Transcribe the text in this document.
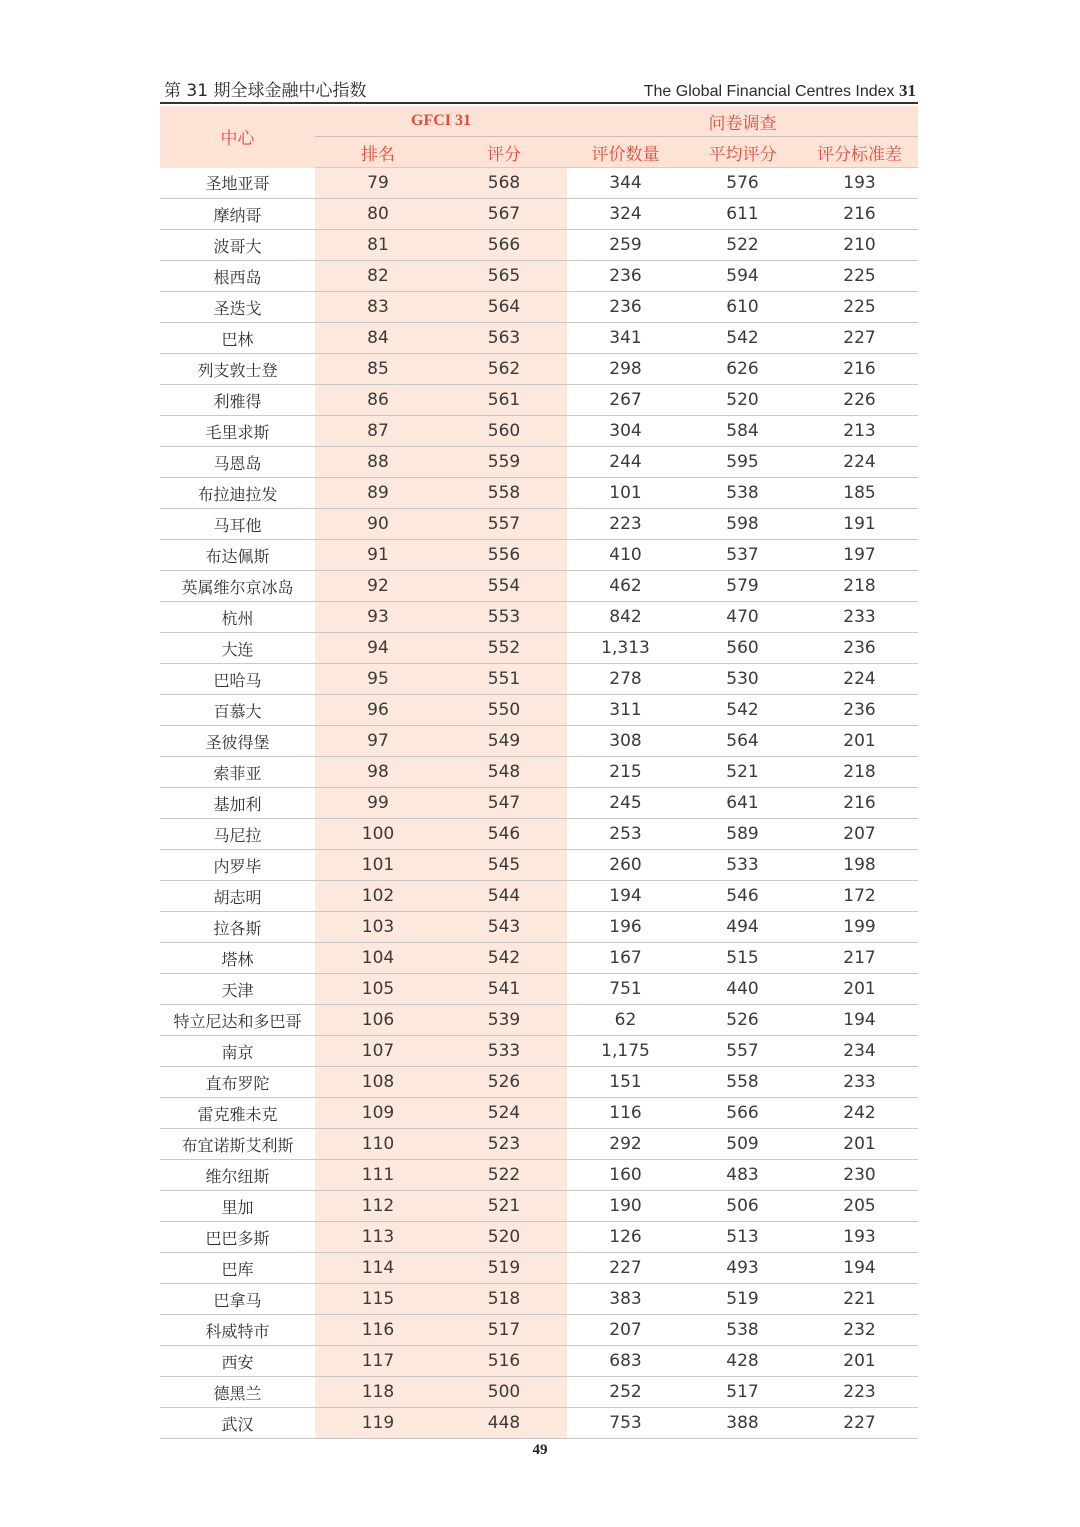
第 31 期全球金融中心指数	The Global Financial Centres Index 31
中心	GFCI 31		问卷调查		
	排名	评分	评价数量	平均评分	评分标准差
圣地亚哥	79	568	344	576	193
摩纳哥	80	567	324	611	216
波哥大	81	566	259	522	210
根西岛	82	565	236	594	225
圣迭戈	83	564	236	610	225
巴林	84	563	341	542	227
列支敦士登	85	562	298	626	216
利雅得	86	561	267	520	226
毛里求斯	87	560	304	584	213
马恩岛	88	559	244	595	224
布拉迪拉发	89	558	101	538	185
马耳他	90	557	223	598	191
布达佩斯	91	556	410	537	197
英属维尔京冰岛	92	554	462	579	218
杭州	93	553	842	470	233
大连	94	552	1,313	560	236
巴哈马	95	551	278	530	224
百慕大	96	550	311	542	236
圣彼得堡	97	549	308	564	201
索菲亚	98	548	215	521	218
基加利	99	547	245	641	216
马尼拉	100	546	253	589	207
内罗毕	101	545	260	533	198
胡志明	102	544	194	546	172
拉各斯	103	543	196	494	199
塔林	104	542	167	515	217
天津	105	541	751	440	201
特立尼达和多巴哥	106	539	62	526	194
南京	107	533	1,175	557	234
直布罗陀	108	526	151	558	233
雷克雅未克	109	524	116	566	242
布宜诺斯艾利斯	110	523	292	509	201
维尔纽斯	111	522	160	483	230
里加	112	521	190	506	205
巴巴多斯	113	520	126	513	193
巴库	114	519	227	493	194
巴拿马	115	518	383	519	221
科威特市	116	517	207	538	232
西安	117	516	683	428	201
德黑兰	118	500	252	517	223
武汉	119	448	753	388	227
49
